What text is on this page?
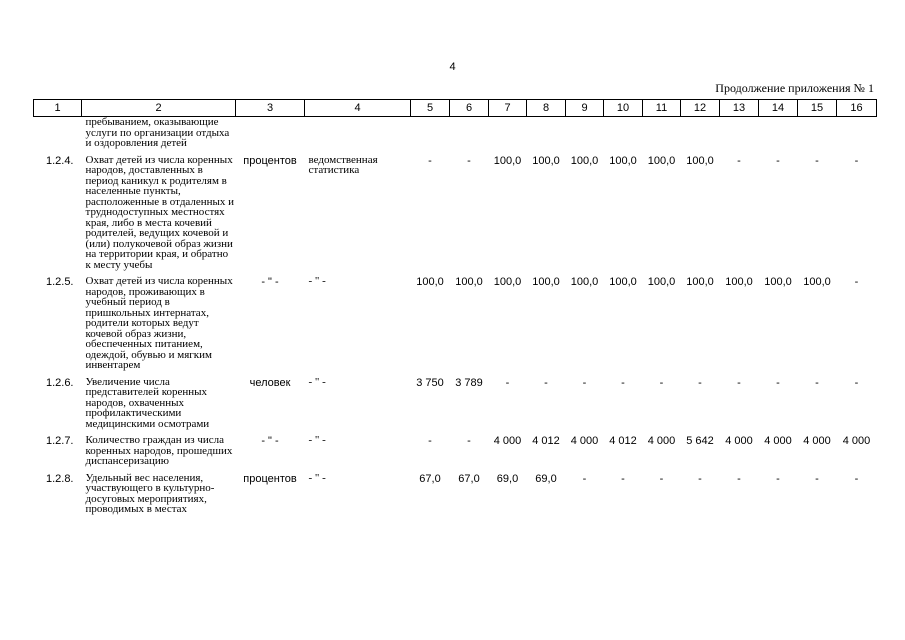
4
Продолжение приложения № 1
1	2	3	4	5	6	7	8	9	10	11	12	13	14	15	16
	пребыванием, оказывающие услуги по организации отдыха и оздоровления детей														
1.2.4.	Охват детей из числа коренных народов, доставленных в период каникул к родителям в населенные пункты, расположенные в отдаленных и труднодоступных местностях края, либо в места кочевий родителей, ведущих кочевой и (или) полукочевой образ жизни на территории края, и обратно к месту учебы	процентов	ведомственная статистика	-	-	100,0	100,0	100,0	100,0	100,0	100,0	-	-	-	-
1.2.5.	Охват детей из числа коренных народов, проживающих в учебный период в пришкольных интернатах, родители которых ведут кочевой образ жизни, обеспеченных питанием, одеждой, обувью и мягким инвентарем	- " -	- " -	100,0	100,0	100,0	100,0	100,0	100,0	100,0	100,0	100,0	100,0	100,0	-
1.2.6.	Увеличение числа представителей коренных народов, охваченных профилактическими медицинскими осмотрами	человек	- " -	3 750	3 789	-	-	-	-	-	-	-	-	-	-
1.2.7.	Количество граждан из числа коренных народов, прошедших диспансеризацию	- " -	- " -	-	-	4 000	4 012	4 000	4 012	4 000	5 642	4 000	4 000	4 000	4 000
1.2.8.	Удельный вес населения, участвующего в культурно-досуговых мероприятиях, проводимых в местах	процентов	- " -	67,0	67,0	69,0	69,0	-	-	-	-	-	-	-	-
